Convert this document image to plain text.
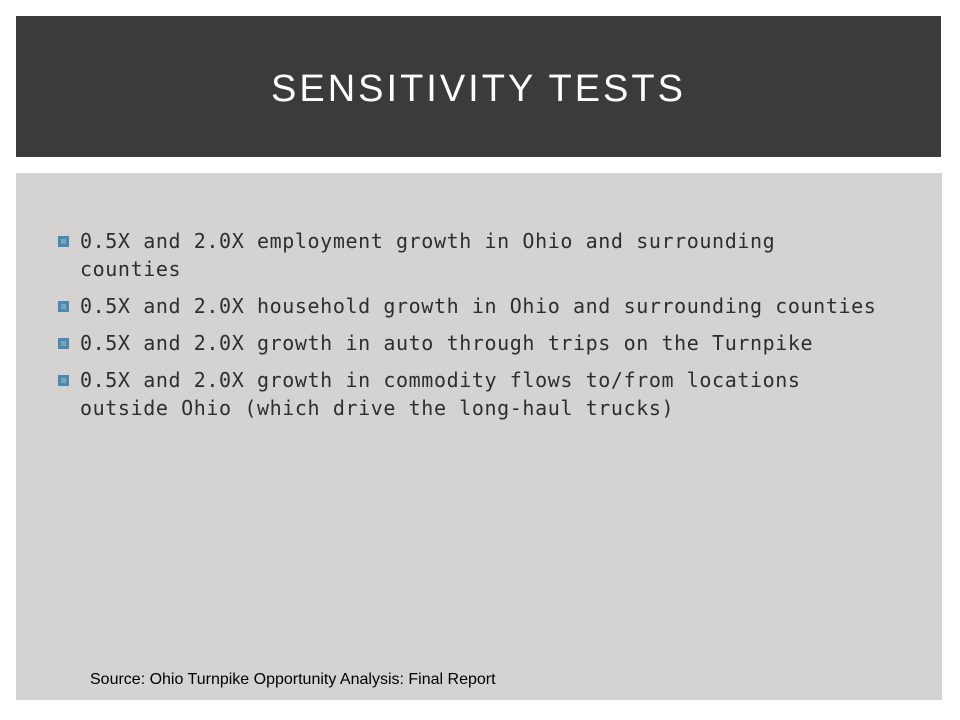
SENSITIVITY TESTS
0.5X and 2.0X employment growth in Ohio and surrounding counties
0.5X and 2.0X household growth in Ohio and surrounding counties
0.5X and 2.0X growth in auto through trips on the Turnpike
0.5X and 2.0X growth in commodity flows to/from locations outside Ohio (which drive the long-haul trucks)
Source: Ohio Turnpike Opportunity Analysis: Final Report
